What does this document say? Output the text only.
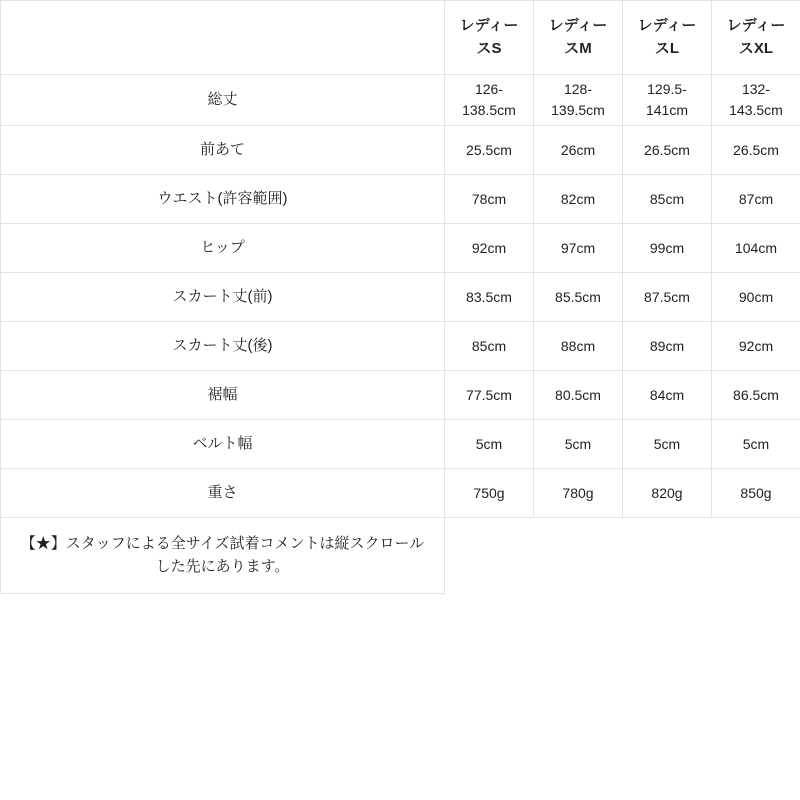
	レディースS	レディースM	レディースL	レディースXL
総丈	126-138.5cm	128-139.5cm	129.5-141cm	132-143.5cm
前あて	25.5cm	26cm	26.5cm	26.5cm
ウエスト(許容範囲)	78cm	82cm	85cm	87cm
ヒップ	92cm	97cm	99cm	104cm
スカート丈(前)	83.5cm	85.5cm	87.5cm	90cm
スカート丈(後)	85cm	88cm	89cm	92cm
裾幅	77.5cm	80.5cm	84cm	86.5cm
ベルト幅	5cm	5cm	5cm	5cm
重さ	750g	780g	820g	850g
【★】スタッフによる全サイズ試着コメントは縦スクロールした先にあります。				
